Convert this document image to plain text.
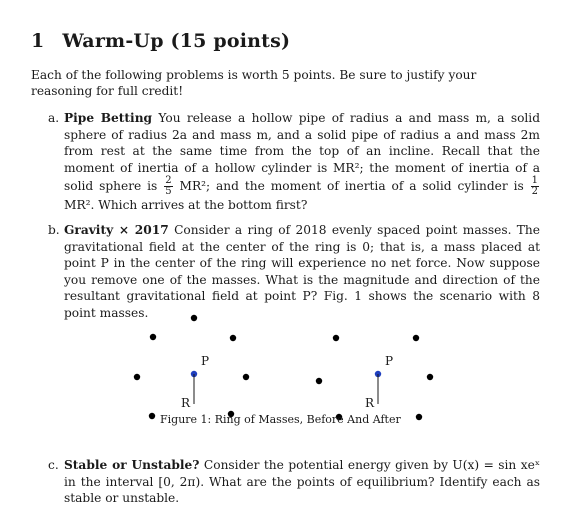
1 Warm-Up (15 points)
Each of the following problems is worth 5 points. Be sure to justify your reasoning for full credit!
a. Pipe Betting You release a hollow pipe of radius a and mass m, a solid sphere of radius 2a and mass m, and a solid pipe of radius a and mass 2m from rest at the same time from the top of an incline. Recall that the moment of inertia of a hollow cylinder is MR²; the moment of inertia of a solid sphere is $\frac{2}{5} MR^2$; and the moment of inertia of a solid cylinder is $\frac{1}{2}$
MR². Which arrives at the bottom first?
b. Gravity × 2017 Consider a ring of 2018 evenly spaced point masses. The gravitational field at the center of the ring is 0; that is, a mass placed at point P in the center of the ring will experience no net force. Now suppose you remove one of the masses. What is the magnitude and direction of the resultant gravitational field at point P? Fig. 1 shows the scenario with 8 point masses.
P
R
P
R
Figure 1: Ring of Masses, Before And After
c. Stable or Unstable? Consider the potential energy given by U(x) = sin xeˣ in the interval [0, 2π). What are the points of equilibrium? Identify each as stable or unstable.
